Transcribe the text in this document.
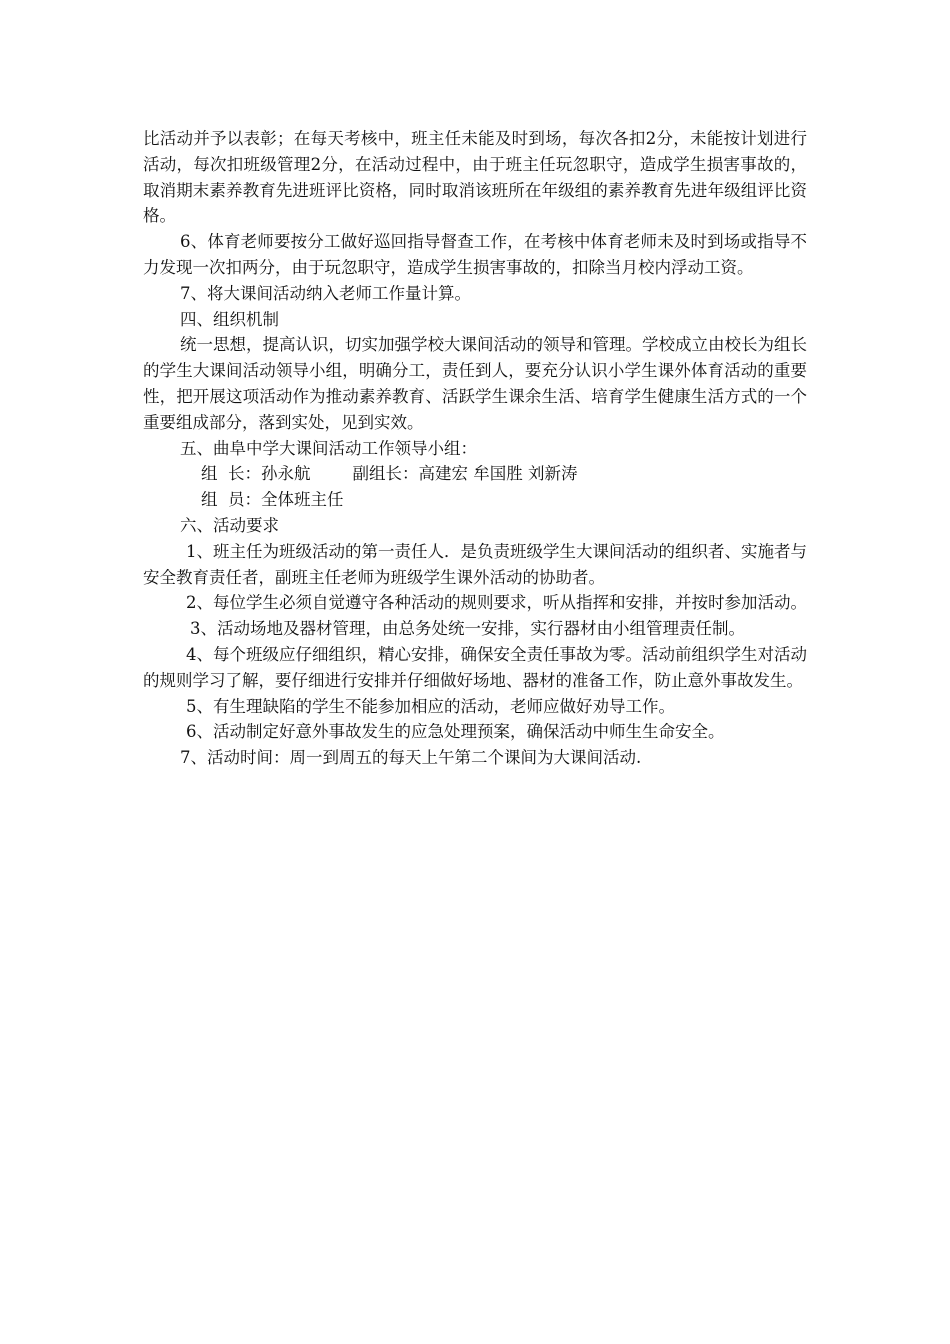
比活动并予以表彰；在每天考核中，班主任未能及时到场，每次各扣2分，未能按计划进行活动，每次扣班级管理2分，在活动过程中，由于班主任玩忽职守，造成学生损害事故的，取消期末素养教育先进班评比资格，同时取消该班所在年级组的素养教育先进年级组评比资格。

6、体育老师要按分工做好巡回指导督查工作，在考核中体育老师未及时到场或指导不力发现一次扣两分，由于玩忽职守，造成学生损害事故的，扣除当月校内浮动工资。

7、将大课间活动纳入老师工作量计算。

四、组织机制

统一思想，提高认识，切实加强学校大课间活动的领导和管理。学校成立由校长为组长的学生大课间活动领导小组，明确分工，责任到人，要充分认识小学生课外体育活动的重要性，把开展这项活动作为推动素养教育、活跃学生课余生活、培育学生健康生活方式的一个重要组成部分，落到实处，见到实效。

五、曲阜中学大课间活动工作领导小组：

组  长：孙永航        副组长：高建宏 牟国胜 刘新涛

组  员：全体班主任

六、活动要求

1、班主任为班级活动的第一责任人．是负责班级学生大课间活动的组织者、实施者与安全教育责任者，副班主任老师为班级学生课外活动的协助者。

2、每位学生必须自觉遵守各种活动的规则要求，听从指挥和安排，并按时参加活动。

3、活动场地及器材管理，由总务处统一安排，实行器材由小组管理责任制。

4、每个班级应仔细组织，精心安排，确保安全责任事故为零。活动前组织学生对活动的规则学习了解，要仔细进行安排并仔细做好场地、器材的准备工作，防止意外事故发生。

5、有生理缺陷的学生不能参加相应的活动，老师应做好劝导工作。

6、活动制定好意外事故发生的应急处理预案，确保活动中师生生命安全。

7、活动时间：周一到周五的每天上午第二个课间为大课间活动.
